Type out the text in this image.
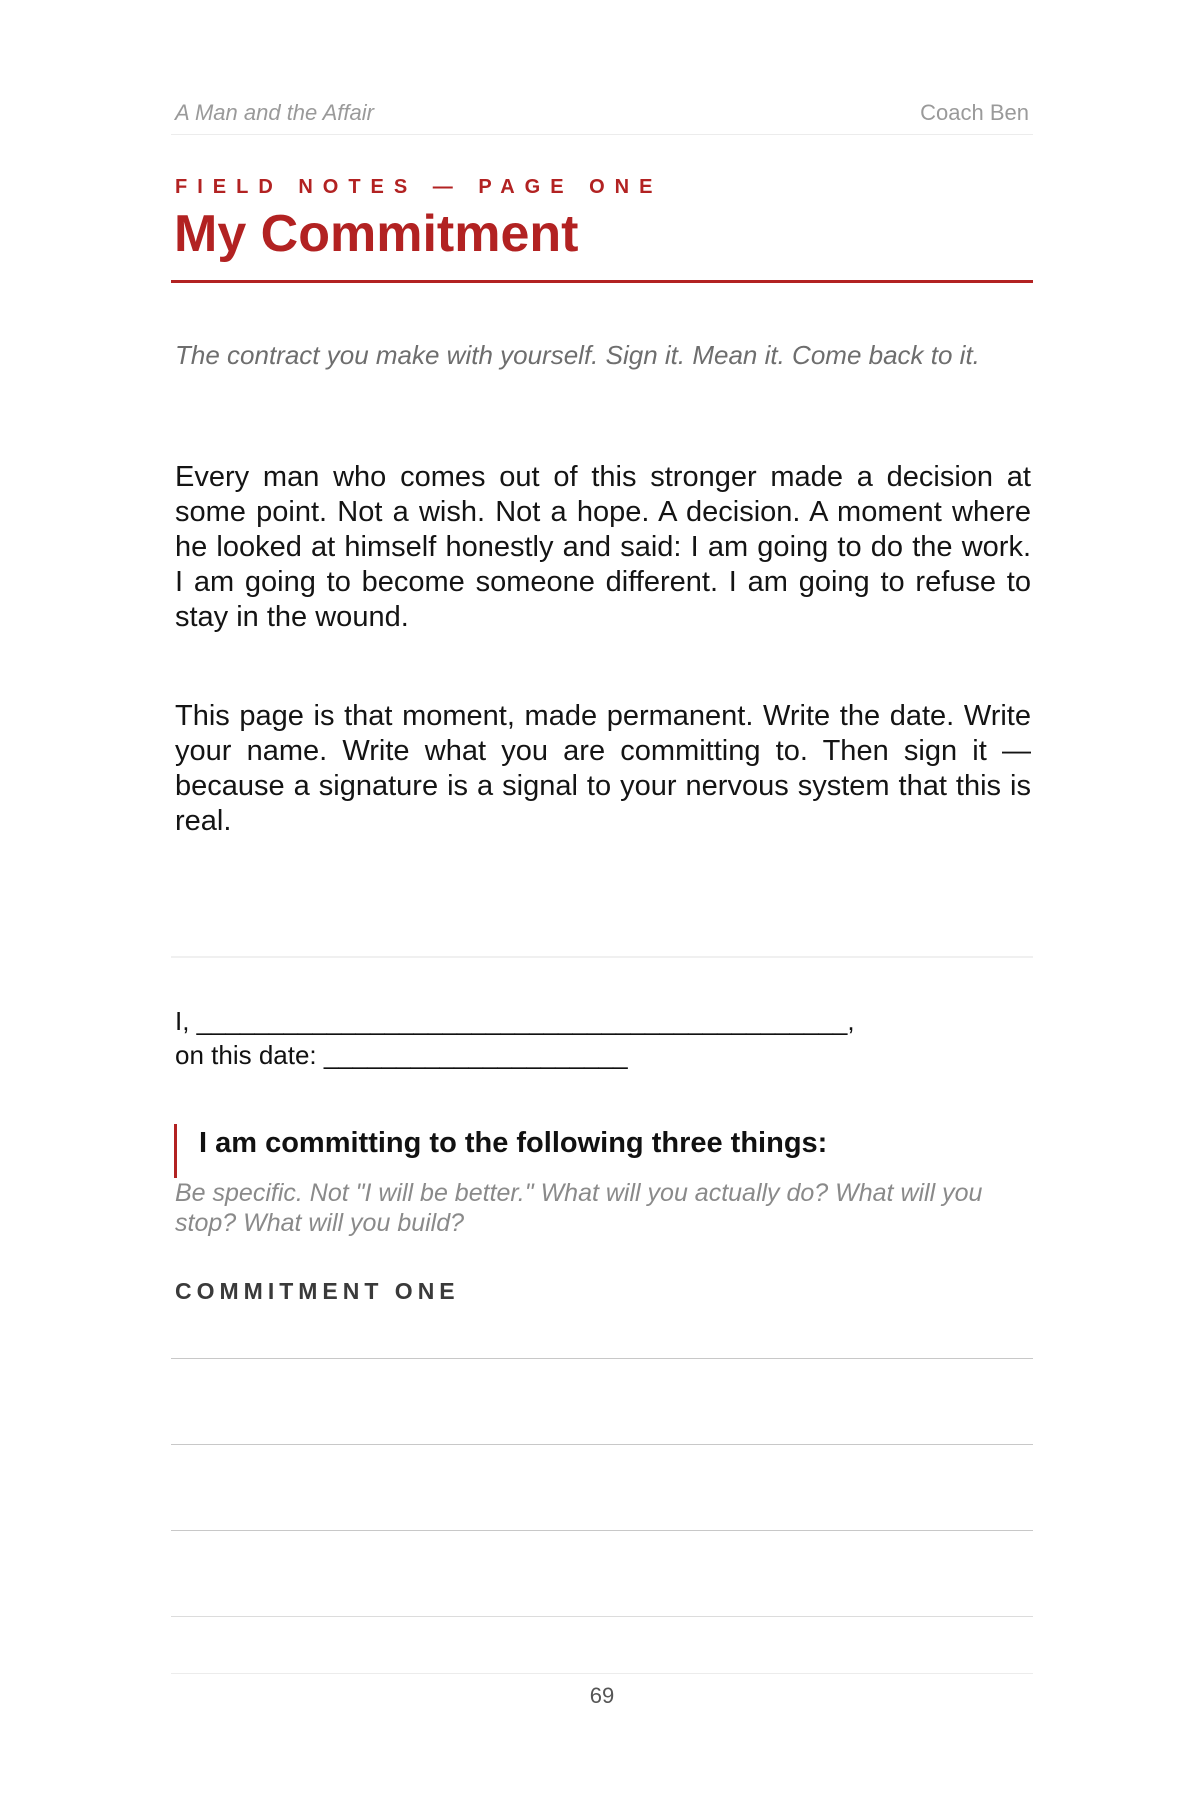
A Man and the Affair	Coach Ben
FIELD NOTES — PAGE ONE
My Commitment

The contract you make with yourself. Sign it. Mean it. Come back to it.

Every man who comes out of this stronger made a decision at some point. Not a wish. Not a hope. A decision. A moment where he looked at himself honestly and said: I am going to do the work. I am going to become someone different. I am going to refuse to stay in the wound.

This page is that moment, made permanent. Write the date. Write your name. Write what you are committing to. Then sign it — because a signature is a signal to your nervous system that this is real.

I, _____________________________________________,

on this date: _____________________

I am committing to the following three things:

Be specific. Not "I will be better." What will you actually do? What will you stop? What will you build?

COMMITMENT ONE
69
